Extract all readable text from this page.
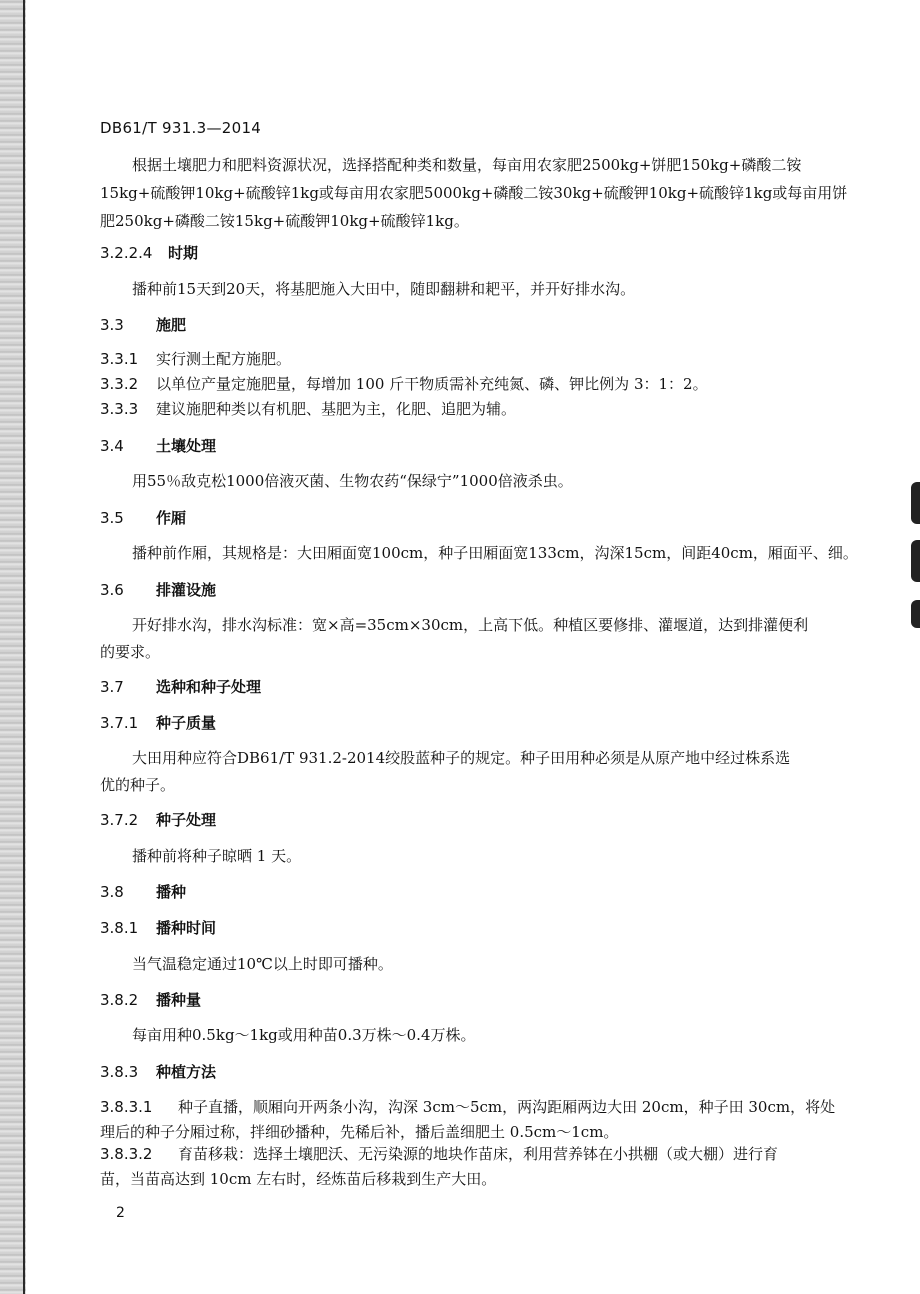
DB61/T 931.3—2014
根据土壤肥力和肥料资源状况，选择搭配种类和数量，每亩用农家肥2500kg+饼肥150kg+磷酸二铵
15kg+硫酸钾10kg+硫酸锌1kg或每亩用农家肥5000kg+磷酸二铵30kg+硫酸钾10kg+硫酸锌1kg或每亩用饼
肥250kg+磷酸二铵15kg+硫酸钾10kg+硫酸锌1kg。
3.2.2.4 时期
播种前15天到20天，将基肥施入大田中，随即翻耕和耙平，并开好排水沟。
3.3 施肥
3.3.1 实行测土配方施肥。
3.3.2 以单位产量定施肥量，每增加 100 斤干物质需补充纯氮、磷、钾比例为 3：1：2。
3.3.3 建议施肥种类以有机肥、基肥为主，化肥、追肥为辅。
3.4 土壤处理
用55％敌克松1000倍液灭菌、生物农药“保绿宁”1000倍液杀虫。
3.5 作厢
播种前作厢，其规格是：大田厢面宽100cm，种子田厢面宽133cm，沟深15cm，间距40cm，厢面平、细。
3.6 排灌设施
开好排水沟，排水沟标准：宽×高=35cm×30cm，上高下低。种植区要修排、灌堰道，达到排灌便利
的要求。
3.7 选种和种子处理
3.7.1 种子质量
大田用种应符合DB61/T 931.2-2014绞股蓝种子的规定。种子田用种必须是从原产地中经过株系选
优的种子。
3.7.2 种子处理
播种前将种子晾晒 1 天。
3.8 播种
3.8.1 播种时间
当气温稳定通过10℃以上时即可播种。
3.8.2 播种量
每亩用种0.5kg～1kg或用种苗0.3万株～0.4万株。
3.8.3 种植方法
3.8.3.1 种子直播，顺厢向开两条小沟，沟深 3cm～5cm，两沟距厢两边大田 20cm，种子田 30cm，将处
理后的种子分厢过称，拌细砂播种，先稀后补，播后盖细肥土 0.5cm～1cm。
3.8.3.2 育苗移栽：选择土壤肥沃、无污染源的地块作苗床，利用营养钵在小拱棚（或大棚）进行育
苗，当苗高达到 10cm 左右时，经炼苗后移栽到生产大田。
2
